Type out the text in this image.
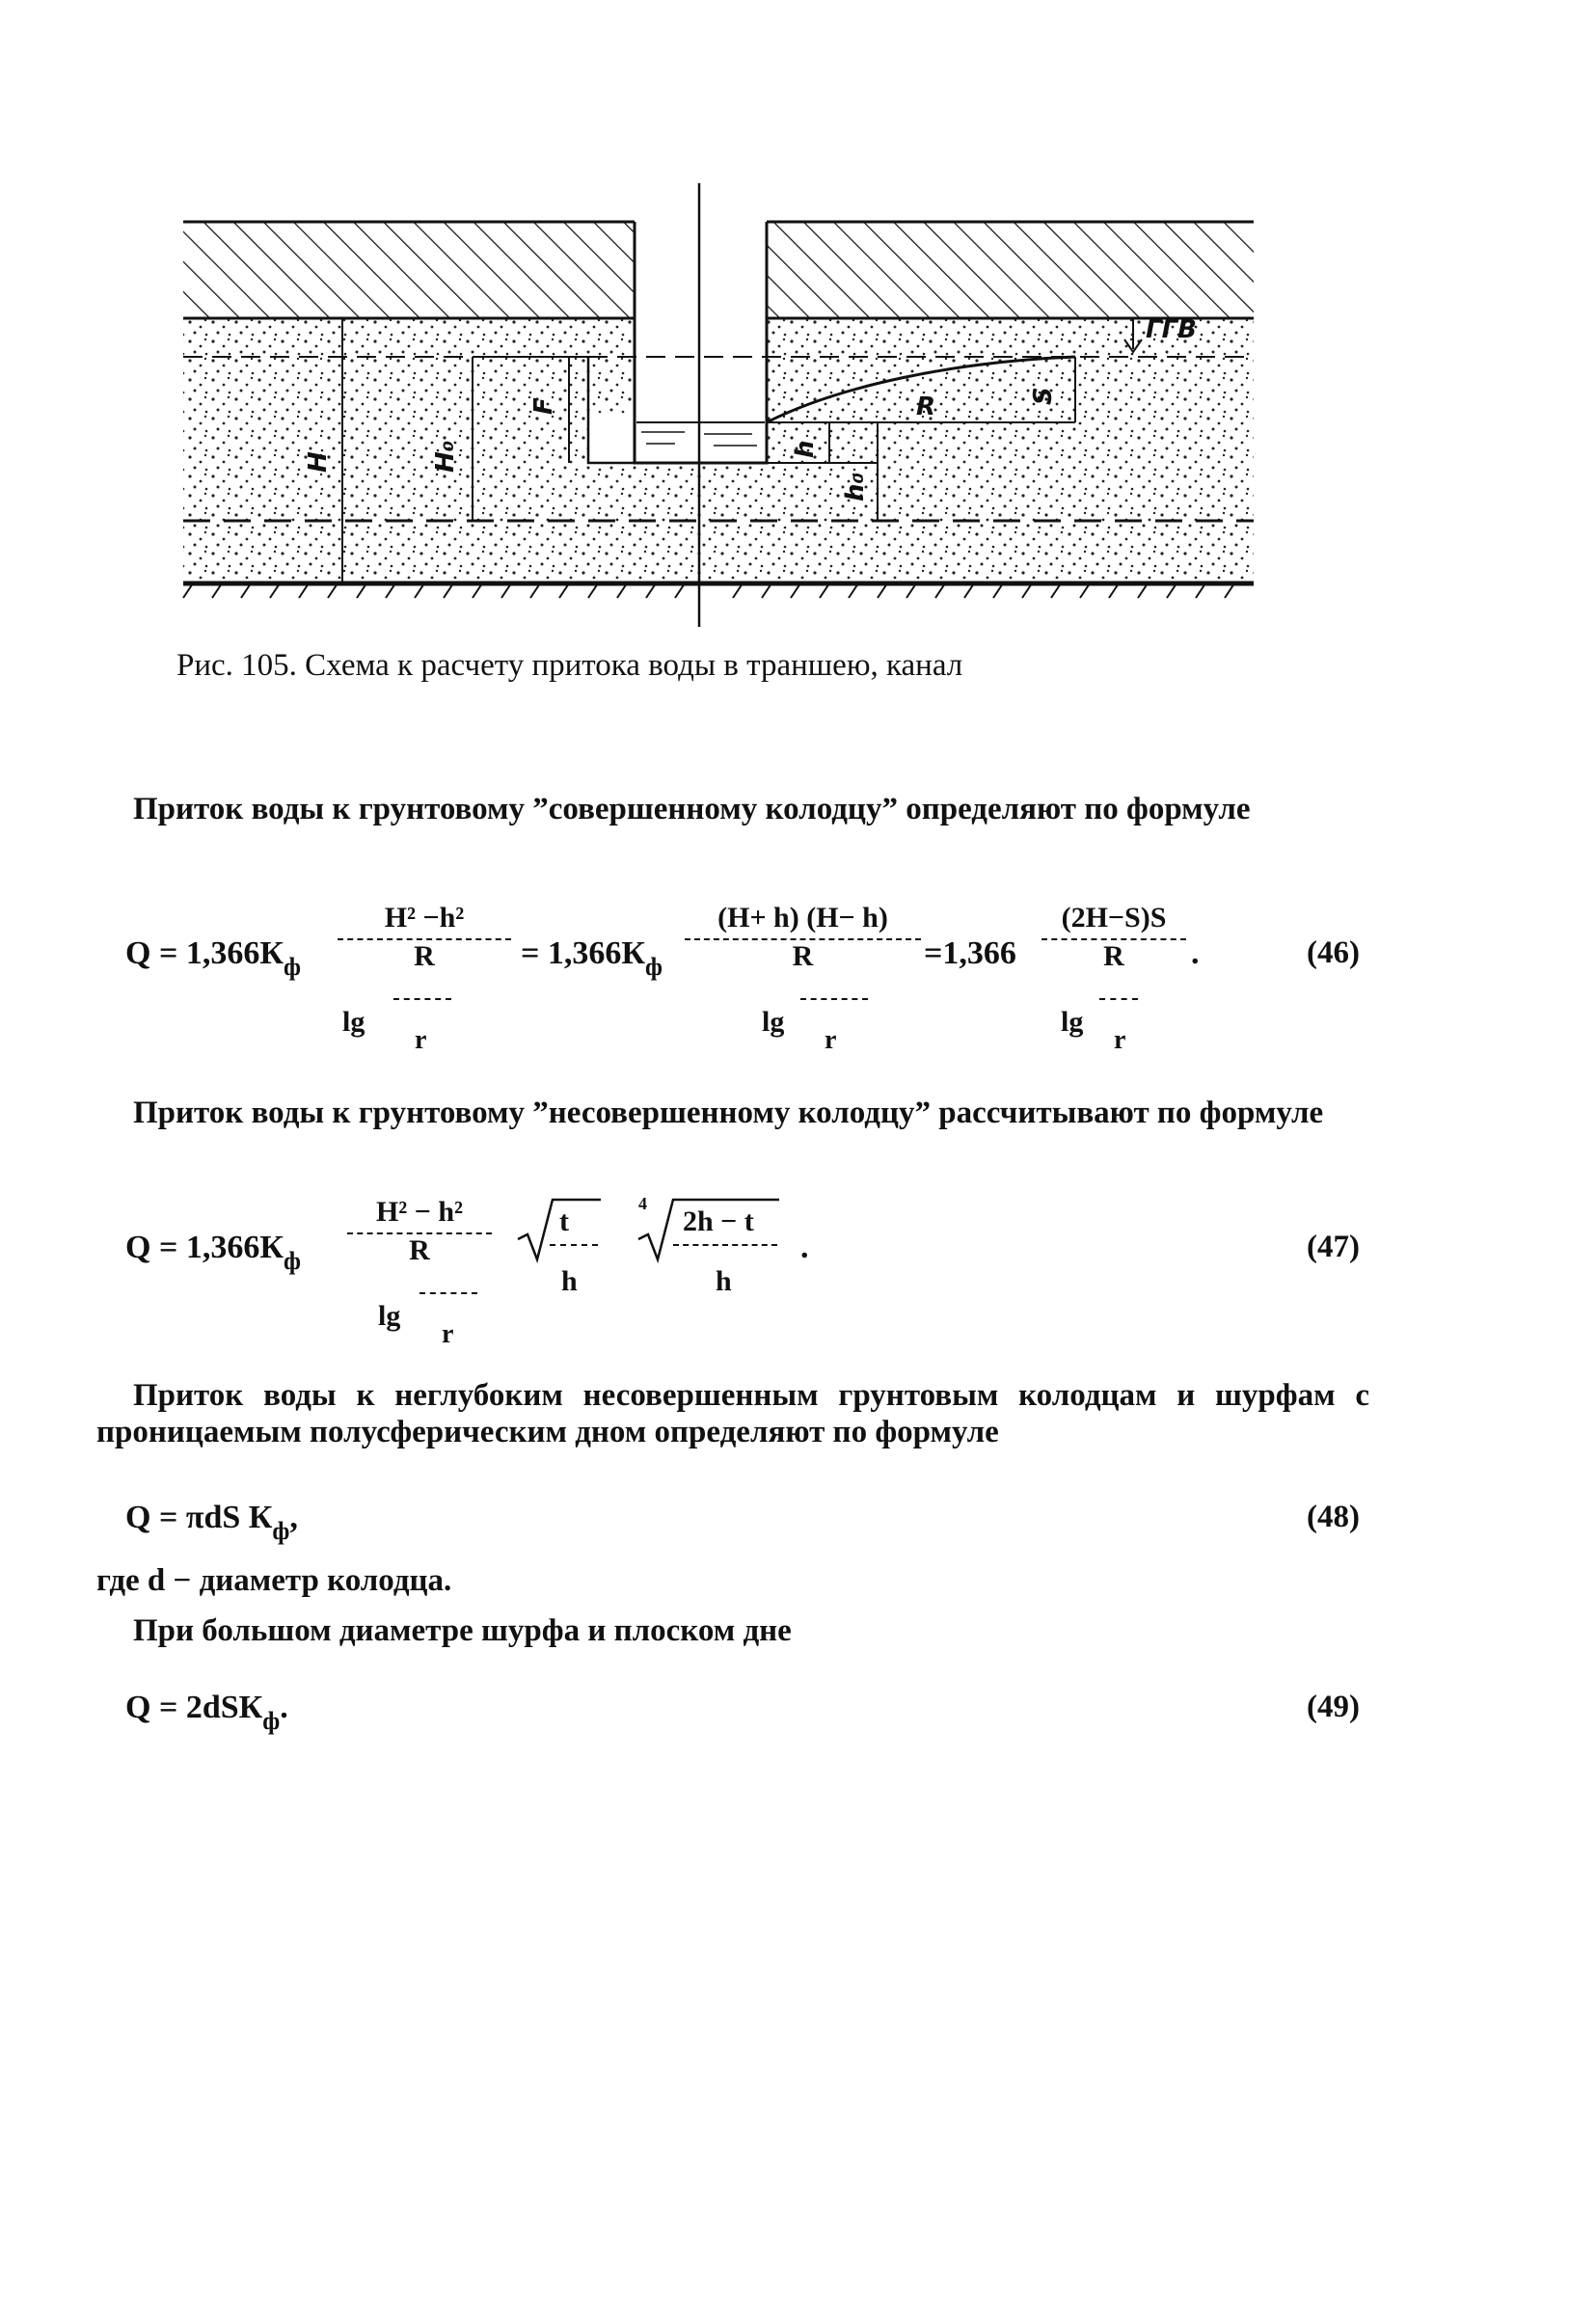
H	H₀
F
h
h₀
R	S
ГГВ
Рис. 105. Схема к расчету притока воды в траншею, канал
Приток воды к грунтовому ”совершенному колодцу” определяют по формуле
$Q = 1,366К_ф$
H² −h²
R
lg
r
= $1,366К_ф$
(H+ h) (H− h)
R
lg
r
=1,366
(2H−S)S
R
lg
r
.	(46)
Приток воды к грунтовому ”несовершенному колодцу” рассчитывают по формуле
$Q = 1,366К_ф$
H² − h²
R
lg
r
t
h
4
2h − t
h
.	(47)
Приток воды к неглубоким несовершенным грунтовым колодцам и шурфам с проницаемым полусферическим дном определяют по формуле
Q = πdS $К_ф$,	(48)
где d − диаметр колодца.
При большом диаметре шурфа и плоском дне
Q = 2dSК$_ф$.	(49)
